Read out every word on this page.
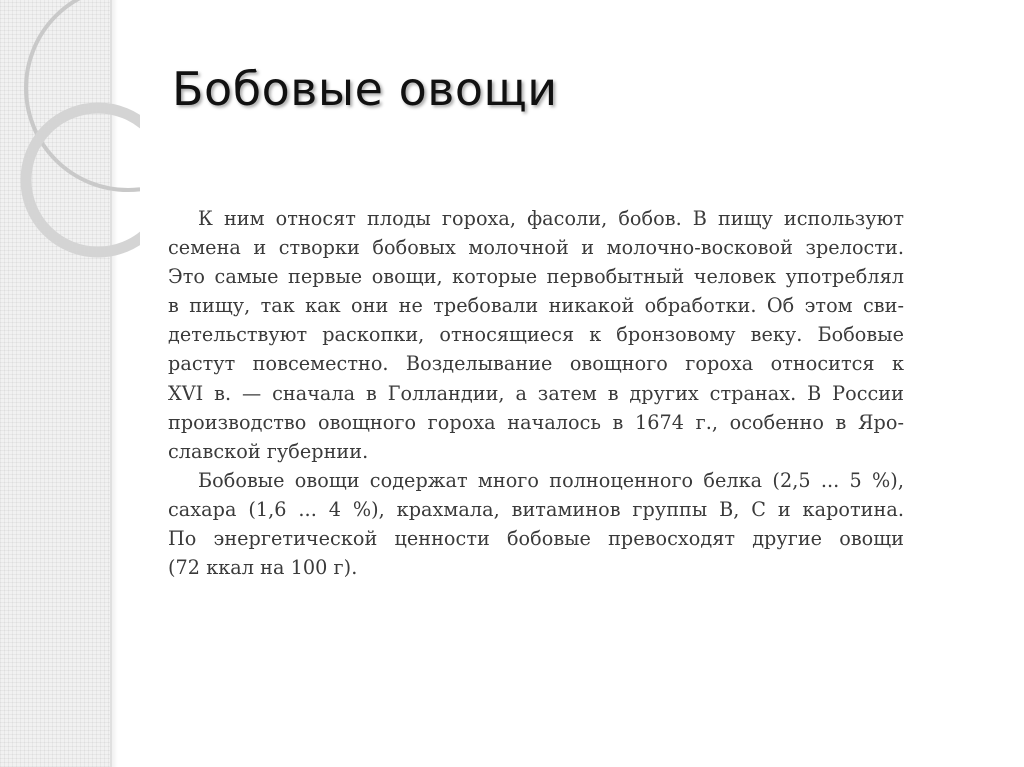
Бобовые овощи
К ним относят плоды гороха, фасоли, бобов. В пищу используют
семена и створки бобовых молочной и молочно-восковой зрелости.
Это самые первые овощи, которые первобытный человек употреблял
в пищу, так как они не требовали никакой обработки. Об этом сви-
детельствуют раскопки, относящиеся к бронзовому веку. Бобовые
растут повсеместно. Возделывание овощного гороха относится к
XVI в. — сначала в Голландии, а затем в других странах. В России
производство овощного гороха началось в 1674 г., особенно в Яро-
славской губернии.
Бобовые овощи содержат много полноценного белка (2,5 ... 5 %),
сахара (1,6 ... 4 %), крахмала, витаминов группы В, С и каротина.
По энергетической ценности бобовые превосходят другие овощи
(72 ккал на 100 г).
